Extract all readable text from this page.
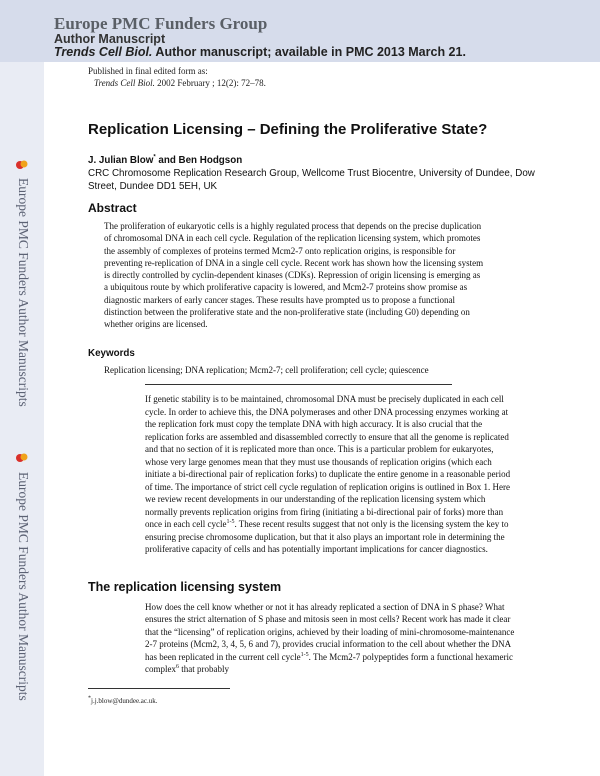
Europe PMC Funders Group
Author Manuscript
Trends Cell Biol. Author manuscript; available in PMC 2013 March 21.
Europe PMC Funders Author Manuscripts
Europe PMC Funders Author Manuscripts
Published in final edited form as:
Trends Cell Biol. 2002 February ; 12(2): 72–78.
Replication Licensing – Defining the Proliferative State?
J. Julian Blow* and Ben Hodgson
CRC Chromosome Replication Research Group, Wellcome Trust Biocentre, University of Dundee, Dow Street, Dundee DD1 5EH, UK
Abstract
The proliferation of eukaryotic cells is a highly regulated process that depends on the precise duplication of chromosomal DNA in each cell cycle. Regulation of the replication licensing system, which promotes the assembly of complexes of proteins termed Mcm2-7 onto replication origins, is responsible for preventing re-replication of DNA in a single cell cycle. Recent work has shown how the licensing system is directly controlled by cyclin-dependent kinases (CDKs). Repression of origin licensing is emerging as a ubiquitous route by which proliferative capacity is lowered, and Mcm2-7 proteins show promise as diagnostic markers of early cancer stages. These results have prompted us to propose a functional distinction between the proliferative state and the non-proliferative state (including G0) depending on whether origins are licensed.
Keywords
Replication licensing; DNA replication; Mcm2-7; cell proliferation; cell cycle; quiescence
If genetic stability is to be maintained, chromosomal DNA must be precisely duplicated in each cell cycle. In order to achieve this, the DNA polymerases and other DNA processing enzymes working at the replication fork must copy the template DNA with high accuracy. It is also crucial that the replication forks are assembled and disassembled correctly to ensure that all the genome is replicated and that no section of it is replicated more than once. This is a particular problem for eukaryotes, whose very large genomes mean that they must use thousands of replication origins (which each initiate a bi-directional pair of replication forks) to duplicate the entire genome in a reasonable period of time. The importance of strict cell cycle regulation of replication origins is outlined in Box 1. Here we review recent developments in our understanding of the replication licensing system which normally prevents replication origins from firing (initiating a bi-directional pair of forks) more than once in each cell cycle$^{1-5}$. These recent results suggest that not only is the licensing system the key to ensuring precise chromosome duplication, but that it also plays an important role in determining the proliferative capacity of cells and has potentially important implications for cancer diagnostics.
The replication licensing system
How does the cell know whether or not it has already replicated a section of DNA in S phase? What ensures the strict alternation of S phase and mitosis seen in most cells? Recent work has made it clear that the “licensing” of replication origins, achieved by their loading of mini-chromosome-maintenance 2-7 proteins (Mcm2, 3, 4, 5, 6 and 7), provides crucial information to the cell about whether the DNA has been replicated in the current cell cycle$^{1-5}$. The Mcm2-7 polypeptides form a functional hexameric complex$^6$ that probably
*j.j.blow@dundee.ac.uk.
